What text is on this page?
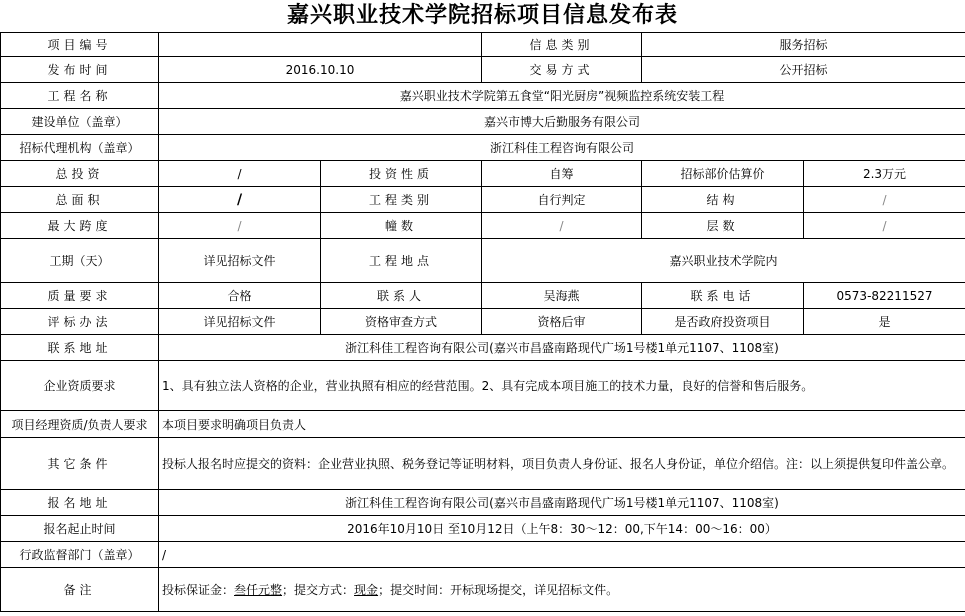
嘉兴职业技术学院招标项目信息发布表
项目编号			信息类别	服务招标	
发布时间	2016.10.10		交易方式	公开招标	
工程名称	嘉兴职业技术学院第五食堂“阳光厨房”视频监控系统安装工程				
建设单位（盖章）	嘉兴市博大后勤服务有限公司				
招标代理机构（盖章）	浙江科佳工程咨询有限公司				
总投资	/	投资性质	自筹	招标部价估算价	2.3万元
总面积	/	工程类别	自行判定	结构	/
最大跨度	/	幢数	/	层数	/
工期（天）	详见招标文件	工程地点	嘉兴职业技术学院内		
质量要求	合格	联系人	吴海燕	联系电话	0573-82211527
评标办法	详见招标文件	资格审查方式	资格后审	是否政府投资项目	是
联系地址	浙江科佳工程咨询有限公司(嘉兴市昌盛南路现代广场1号楼1单元1107、1108室)				
企业资质要求	1、具有独立法人资格的企业，营业执照有相应的经营范围。2、具有完成本项目施工的技术力量，良好的信誉和售后服务。				
项目经理资质/负责人要求	本项目要求明确项目负责人				
其它条件	投标人报名时应提交的资料：企业营业执照、税务登记等证明材料，项目负责人身份证、报名人身份证，单位介绍信。注：以上须提供复印件盖公章。				
报名地址	浙江科佳工程咨询有限公司(嘉兴市昌盛南路现代广场1号楼1单元1107、1108室)				
报名起止时间	2016年10月10日 至10月12日（上午8：30～12：00,下午14：00～16：00）				
行政监督部门（盖章）	/				
备注	投标保证金：叁仟元整；提交方式：现金；提交时间：开标现场提交，详见招标文件。				
